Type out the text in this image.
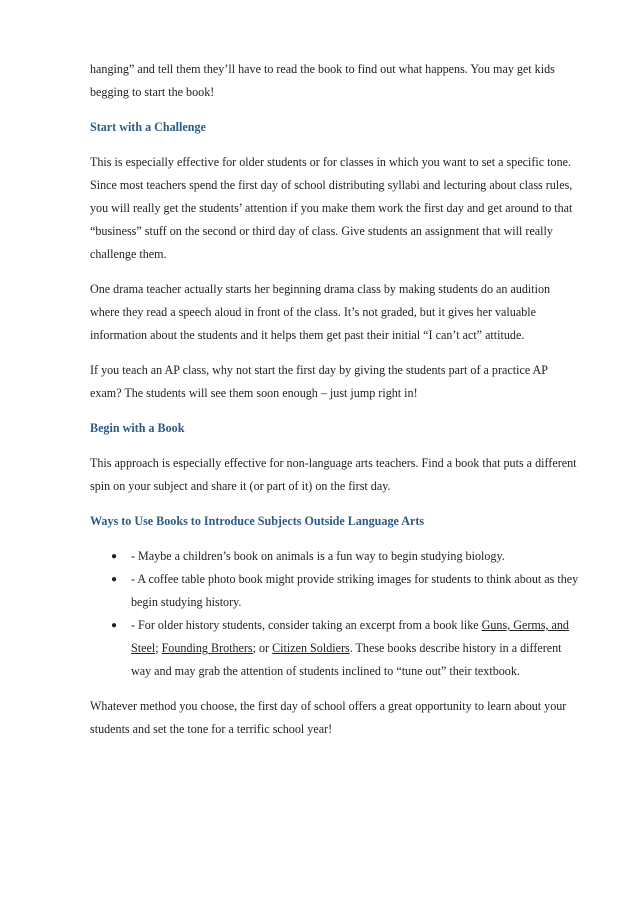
hanging” and tell them they’ll have to read the book to find out what happens. You may get kids begging to start the book!

Start with a Challenge

This is especially effective for older students or for classes in which you want to set a specific tone. Since most teachers spend the first day of school distributing syllabi and lecturing about class rules, you will really get the students’ attention if you make them work the first day and get around to that “business” stuff on the second or third day of class. Give students an assignment that will really challenge them.

One drama teacher actually starts her beginning drama class by making students do an audition where they read a speech aloud in front of the class. It’s not graded, but it gives her valuable information about the students and it helps them get past their initial “I can’t act” attitude.

If you teach an AP class, why not start the first day by giving the students part of a practice AP exam? The students will see them soon enough – just jump right in!

Begin with a Book

This approach is especially effective for non-language arts teachers. Find a book that puts a different spin on your subject and share it (or part of it) on the first day.

Ways to Use Books to Introduce Subjects Outside Language Arts
● - Maybe a children’s book on animals is a fun way to begin studying biology.
● - A coffee table photo book might provide striking images for students to think about as they begin studying history.
● - For older history students, consider taking an excerpt from a book like Guns, Germs, and Steel; Founding Brothers; or Citizen Soldiers. These books describe history in a different way and may grab the attention of students inclined to “tune out” their textbook.

Whatever method you choose, the first day of school offers a great opportunity to learn about your students and set the tone for a terrific school year!
